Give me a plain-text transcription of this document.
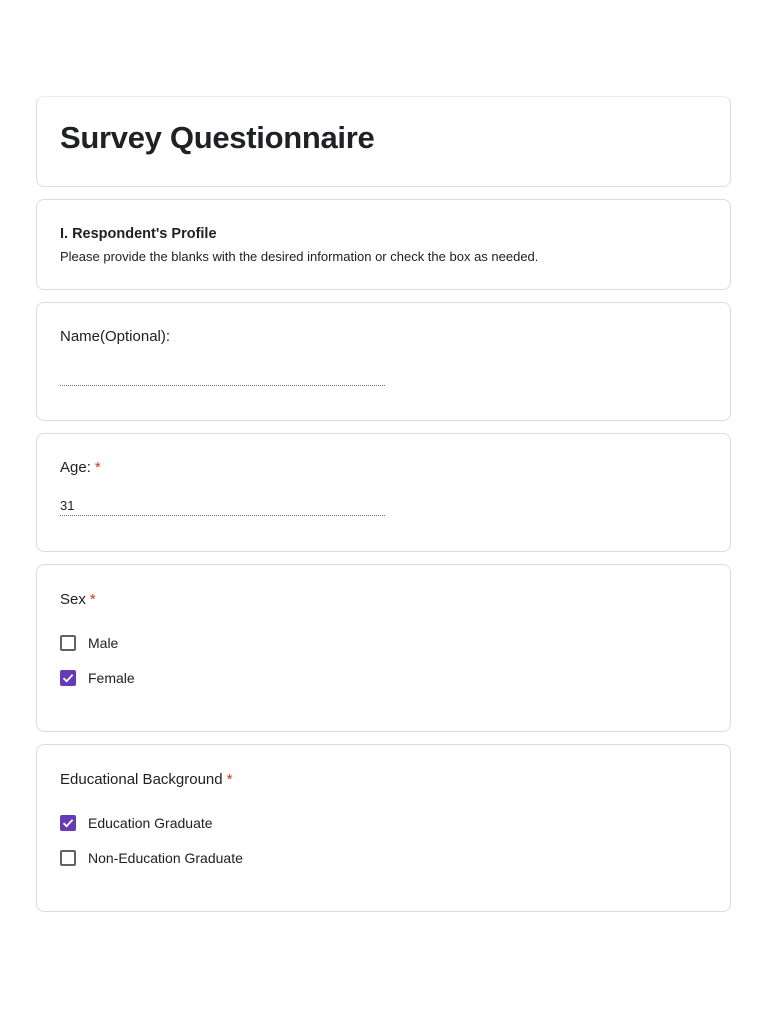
Survey Questionnaire
I. Respondent's Profile
Please provide the blanks with the desired information or check the box as needed.
Name(Optional):
Age: *
31
Sex *
Male
Female
Educational Background *
Education Graduate
Non-Education Graduate
